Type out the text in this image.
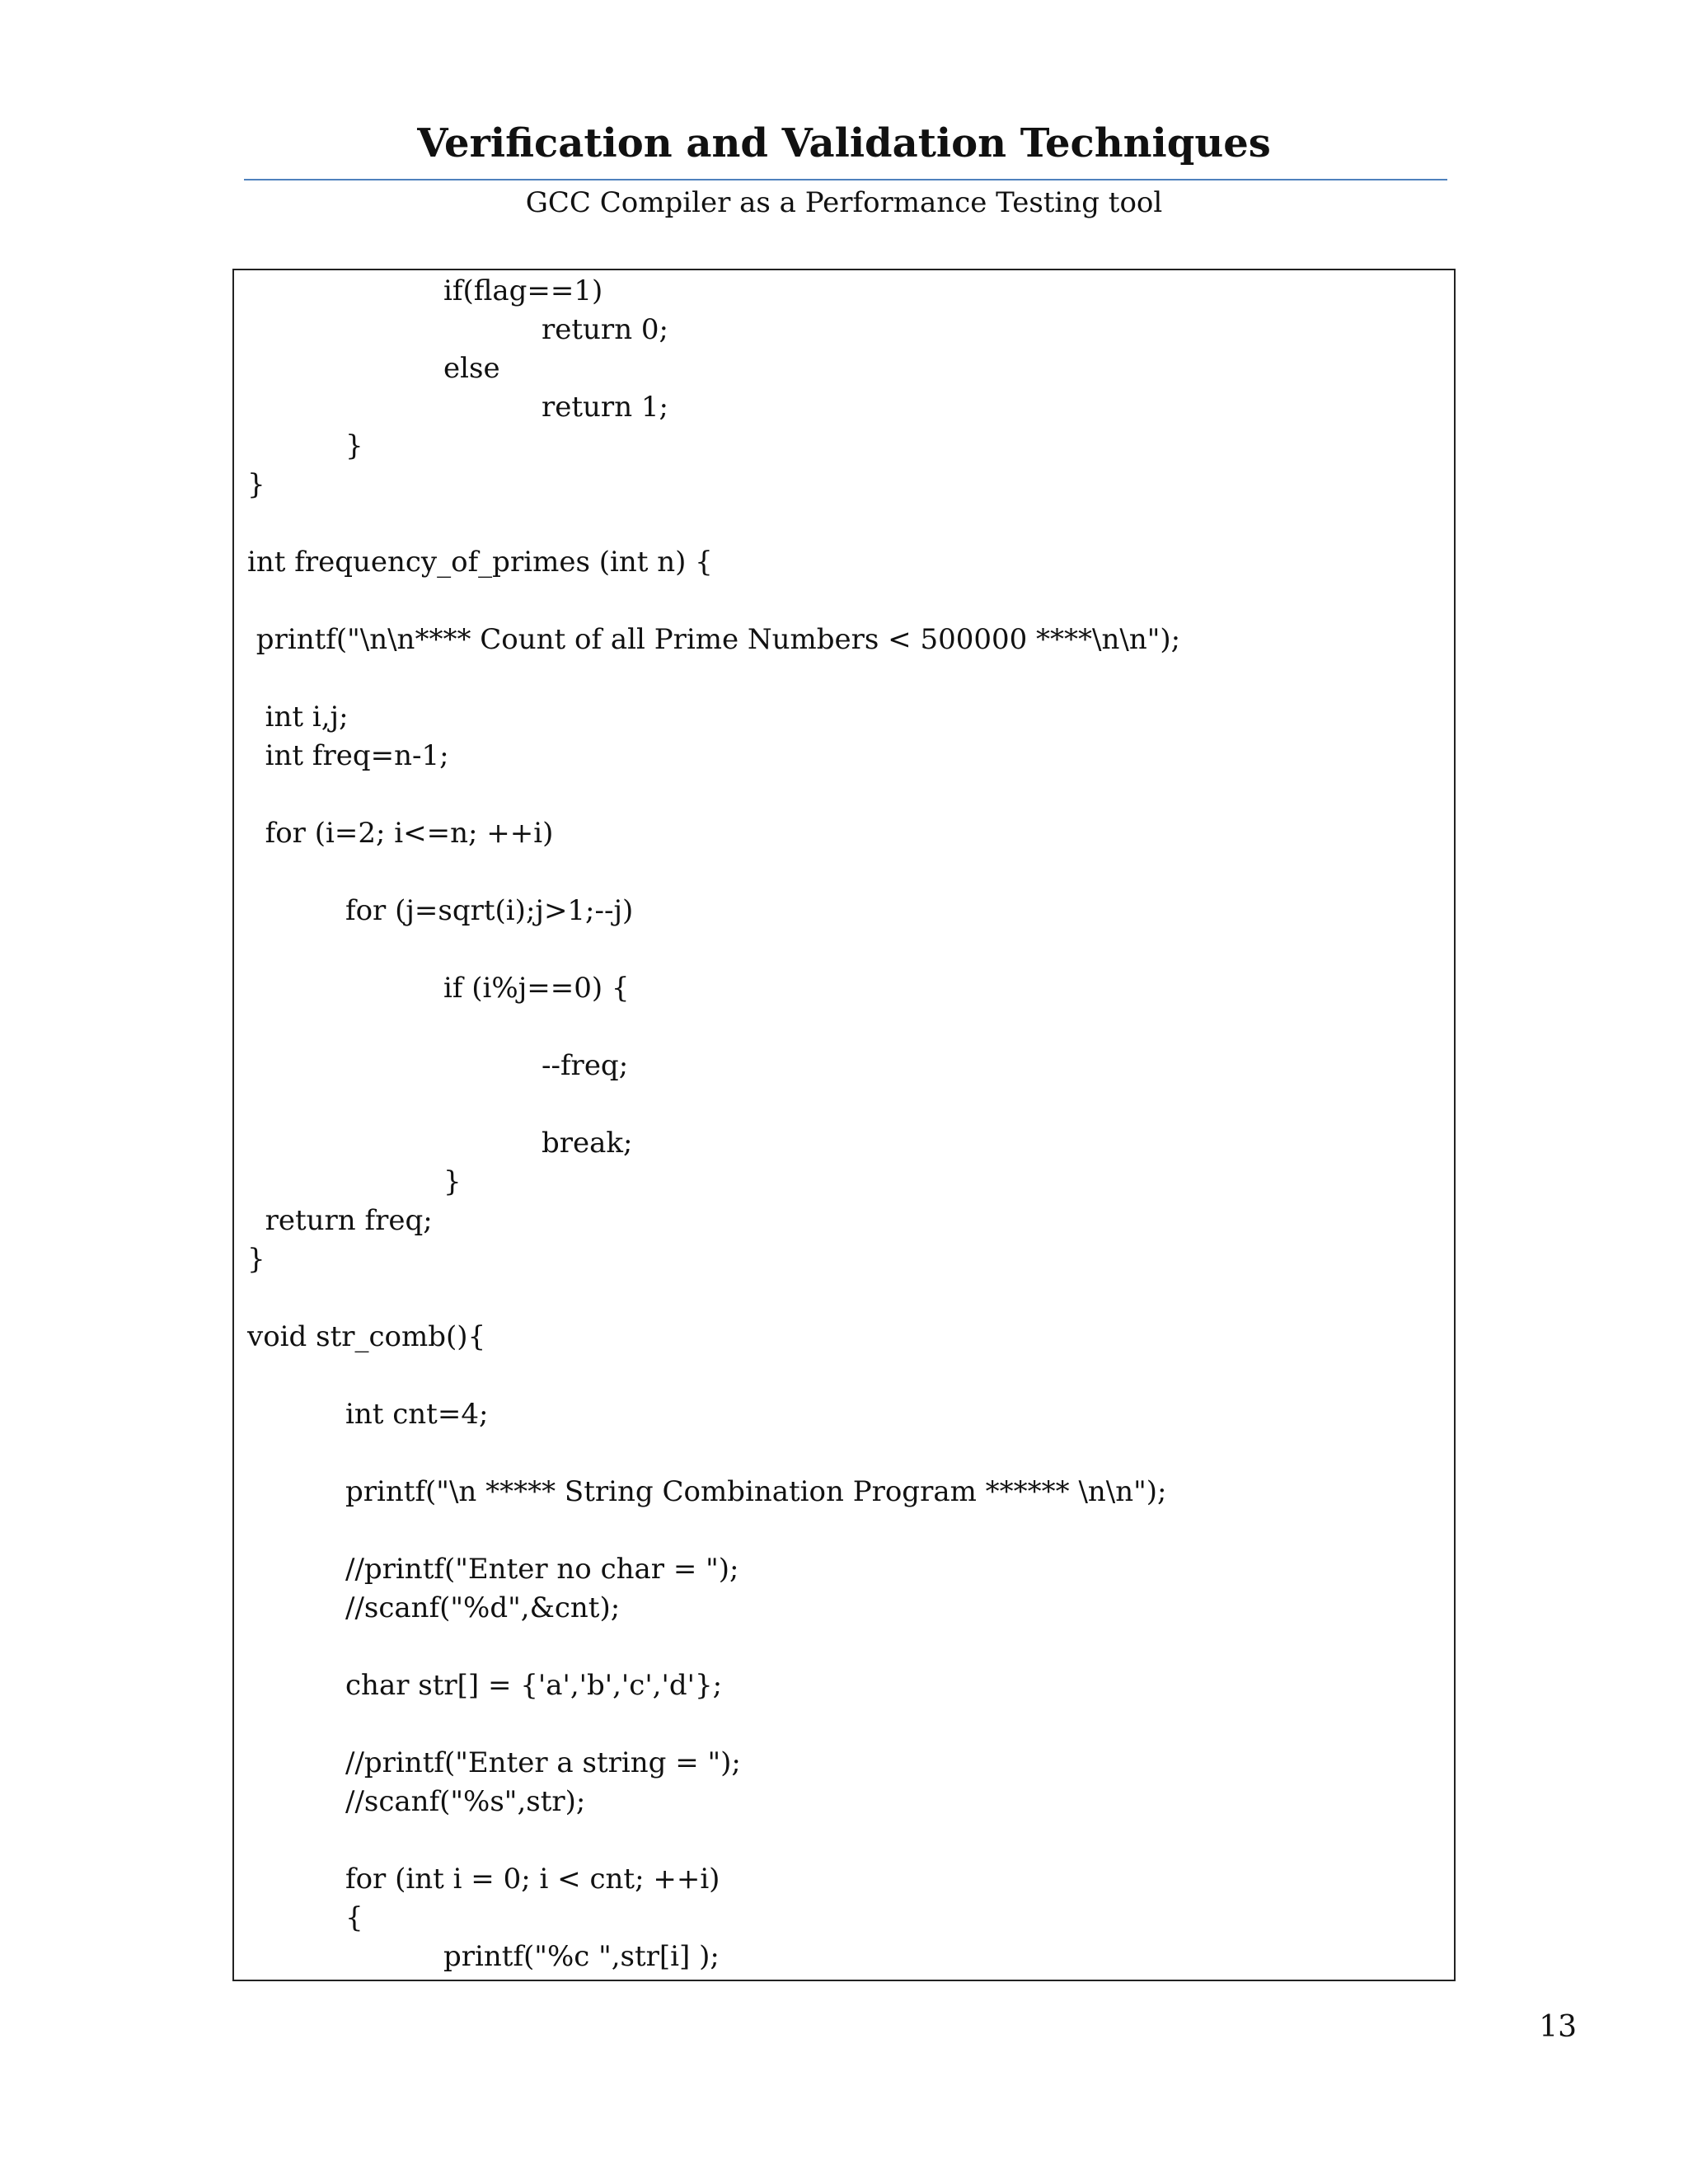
Verification and Validation Techniques
GCC Compiler as a Performance Testing tool
if(flag==1)
return 0;
else
return 1;
}
}
int frequency_of_primes (int n) {
printf("\n\n**** Count of all Prime Numbers < 500000 ****\n\n");
int i,j;
int freq=n-1;
for (i=2; i<=n; ++i)
for (j=sqrt(i);j>1;--j)
if (i%j==0) {
--freq;
break;
}
return freq;
}
void str_comb(){
int cnt=4;
printf("\n ***** String Combination Program ****** \n\n");
//printf("Enter no char = ");
//scanf("%d",&cnt);
char str[] = {'a','b','c','d'};
//printf("Enter a string = ");
//scanf("%s",str);
for (int i = 0; i < cnt; ++i)
{
printf("%c ",str[i] );
13
